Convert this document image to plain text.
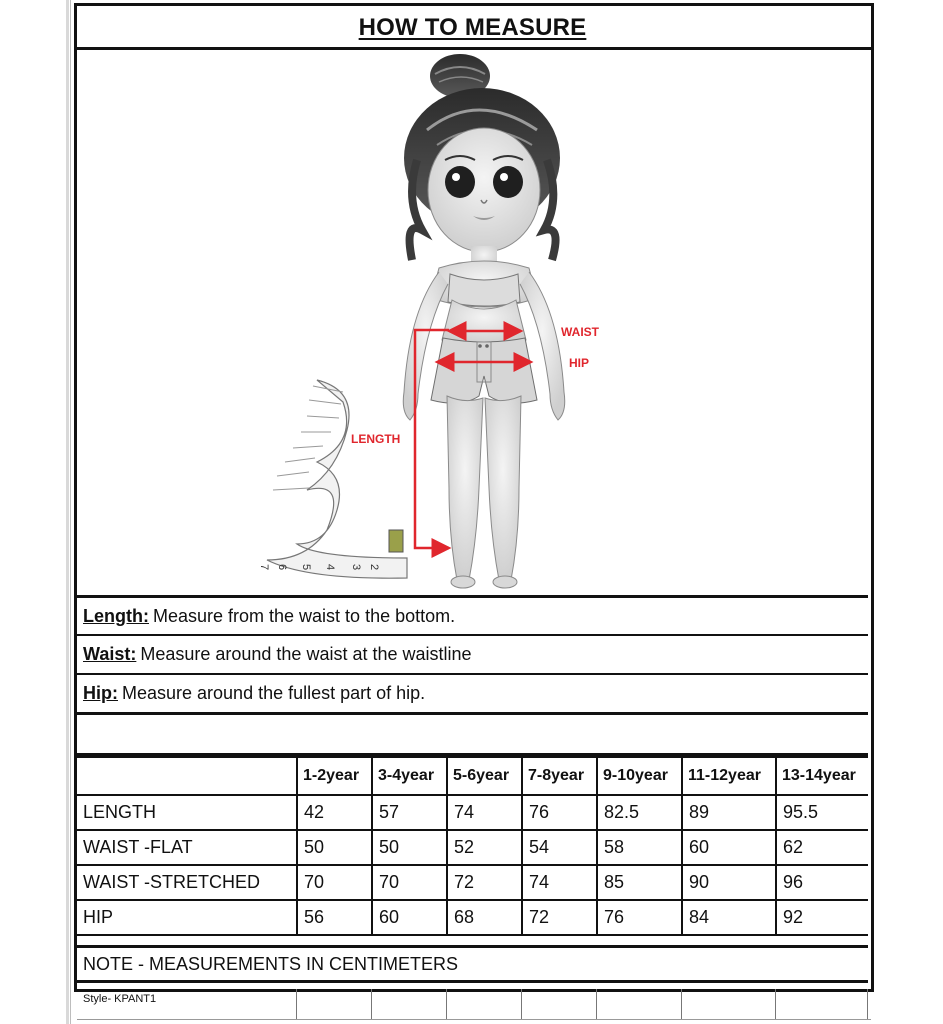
HOW TO MEASURE
WAIST
HIP
LENGTH
2
3
4
5
6
7
Length: Measure from the waist to the bottom.
Waist: Measure around the waist at the waistline
Hip: Measure around the fullest part of hip.
	1-2year	3-4year	5-6year	7-8year	9-10year	11-12year	13-14year
LENGTH	42	57	74	76	82.5	89	95.5
WAIST -FLAT	50	50	52	54	58	60	62
WAIST -STRETCHED	70	70	72	74	85	90	96
HIP	56	60	68	72	76	84	92
NOTE - MEASUREMENTS IN CENTIMETERS
Style- KPANT1
